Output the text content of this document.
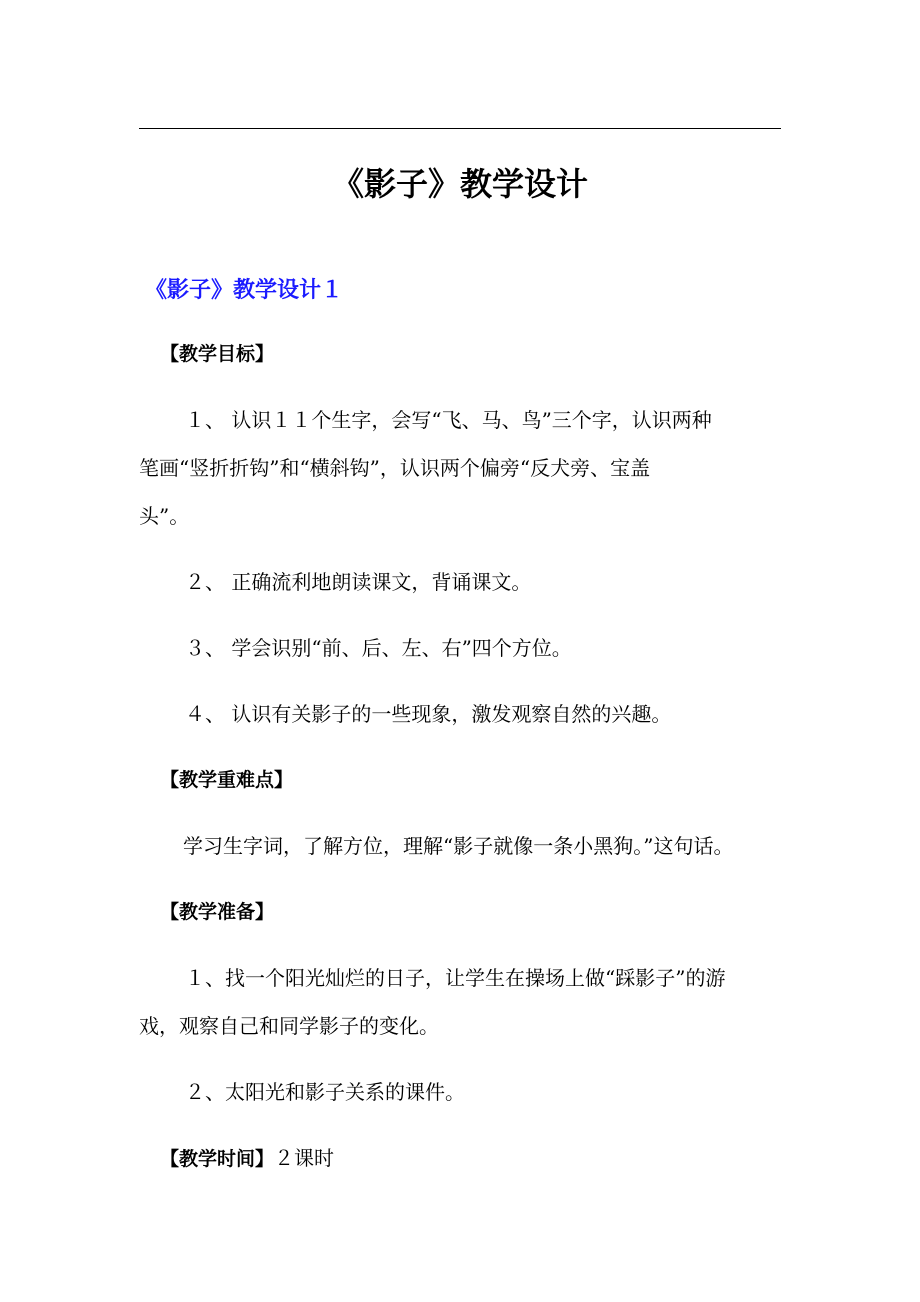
《影子》教学设计
《影子》教学设计１
【教学目标】
１、 认识１１个生字，会写“飞、马、鸟”三个字，认识两种
笔画“竖折折钩”和“横斜钩”，认识两个偏旁“反犬旁、宝盖
头”。
２、 正确流利地朗读课文，背诵课文。
３、 学会识别“前、后、左、右”四个方位。
４、 认识有关影子的一些现象，激发观察自然的兴趣。
【教学重难点】
学习生字词，了解方位，理解“影子就像一条小黑狗。”这句话。
【教学准备】
１、找一个阳光灿烂的日子，让学生在操场上做“踩影子”的游
戏，观察自己和同学影子的变化。
２、太阳光和影子关系的课件。
【教学时间】２课时
